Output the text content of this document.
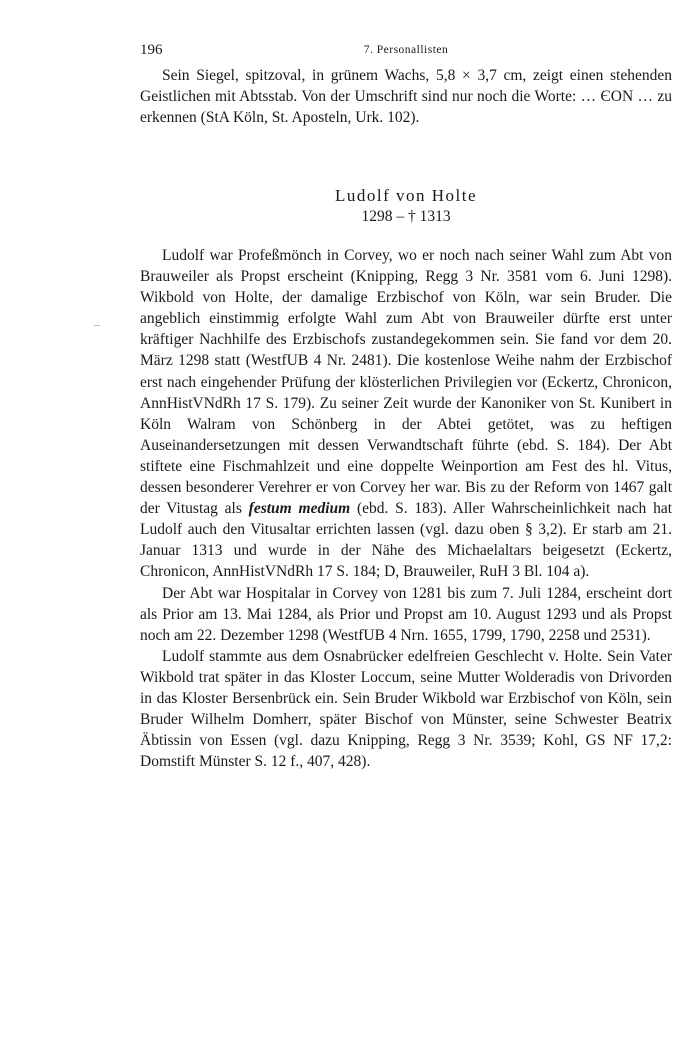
196	7. Personallisten

Sein Siegel, spitzoval, in grünem Wachs, 5,8 × 3,7 cm, zeigt einen stehenden Geistlichen mit Abtsstab. Von der Umschrift sind nur noch die Worte: … ЄON … zu erkennen (StA Köln, St. Aposteln, Urk. 102).

Ludolf von Holte
1298 – † 1313

Ludolf war Profeßmönch in Corvey, wo er noch nach seiner Wahl zum Abt von Brauweiler als Propst erscheint (Knipping, Regg 3 Nr. 3581 vom 6. Juni 1298). Wikbold von Holte, der damalige Erzbischof von Köln, war sein Bruder. Die angeblich einstimmig erfolgte Wahl zum Abt von Brauweiler dürfte erst unter kräftiger Nachhilfe des Erzbischofs zustandegekommen sein. Sie fand vor dem 20. März 1298 statt (WestfUB 4 Nr. 2481). Die kostenlose Weihe nahm der Erzbischof erst nach eingehender Prüfung der klösterlichen Privilegien vor (Eckertz, Chronicon, AnnHistVNdRh 17 S. 179). Zu seiner Zeit wurde der Kanoniker von St. Kunibert in Köln Walram von Schönberg in der Abtei getötet, was zu heftigen Auseinandersetzungen mit dessen Verwandtschaft führte (ebd. S. 184). Der Abt stiftete eine Fischmahlzeit und eine doppelte Weinportion am Fest des hl. Vitus, dessen besonderer Verehrer er von Corvey her war. Bis zu der Reform von 1467 galt der Vitustag als festum medium (ebd. S. 183). Aller Wahrscheinlichkeit nach hat Ludolf auch den Vitusaltar errichten lassen (vgl. dazu oben § 3,2). Er starb am 21. Januar 1313 und wurde in der Nähe des Michaelaltars beigesetzt (Eckertz, Chronicon, AnnHistVNdRh 17 S. 184; D, Brauweiler, RuH 3 Bl. 104 a).

Der Abt war Hospitalar in Corvey von 1281 bis zum 7. Juli 1284, erscheint dort als Prior am 13. Mai 1284, als Prior und Propst am 10. August 1293 und als Propst noch am 22. Dezember 1298 (WestfUB 4 Nrn. 1655, 1799, 1790, 2258 und 2531).

Ludolf stammte aus dem Osnabrücker edelfreien Geschlecht v. Holte. Sein Vater Wikbold trat später in das Kloster Loccum, seine Mutter Wolderadis von Drivorden in das Kloster Bersenbrück ein. Sein Bruder Wikbold war Erzbischof von Köln, sein Bruder Wilhelm Domherr, später Bischof von Münster, seine Schwester Beatrix Äbtissin von Essen (vgl. dazu Knipping, Regg 3 Nr. 3539; Kohl, GS NF 17,2: Domstift Münster S. 12 f., 407, 428).
